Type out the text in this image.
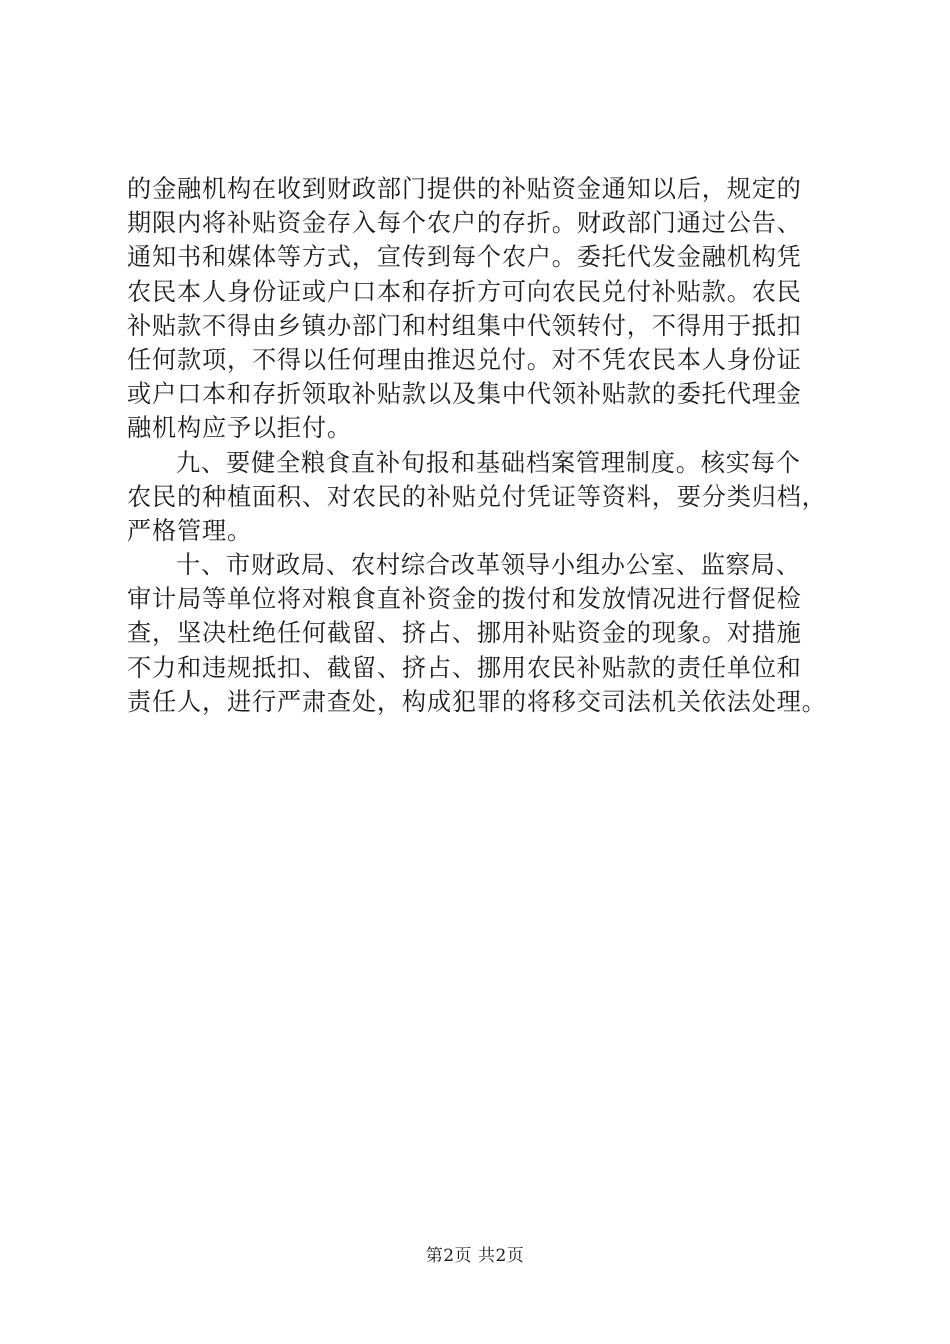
的金融机构在收到财政部门提供的补贴资金通知以后，规定的
期限内将补贴资金存入每个农户的存折。财政部门通过公告、
通知书和媒体等方式，宣传到每个农户。委托代发金融机构凭
农民本人身份证或户口本和存折方可向农民兑付补贴款。农民
补贴款不得由乡镇办部门和村组集中代领转付，不得用于抵扣
任何款项，不得以任何理由推迟兑付。对不凭农民本人身份证
或户口本和存折领取补贴款以及集中代领补贴款的委托代理金
融机构应予以拒付。
九、要健全粮食直补旬报和基础档案管理制度。核实每个
农民的种植面积、对农民的补贴兑付凭证等资料，要分类归档，
严格管理。
十、市财政局、农村综合改革领导小组办公室、监察局、
审计局等单位将对粮食直补资金的拨付和发放情况进行督促检
查，坚决杜绝任何截留、挤占、挪用补贴资金的现象。对措施
不力和违规抵扣、截留、挤占、挪用农民补贴款的责任单位和
责任人，进行严肃查处，构成犯罪的将移交司法机关依法处理。
第2页 共2页
